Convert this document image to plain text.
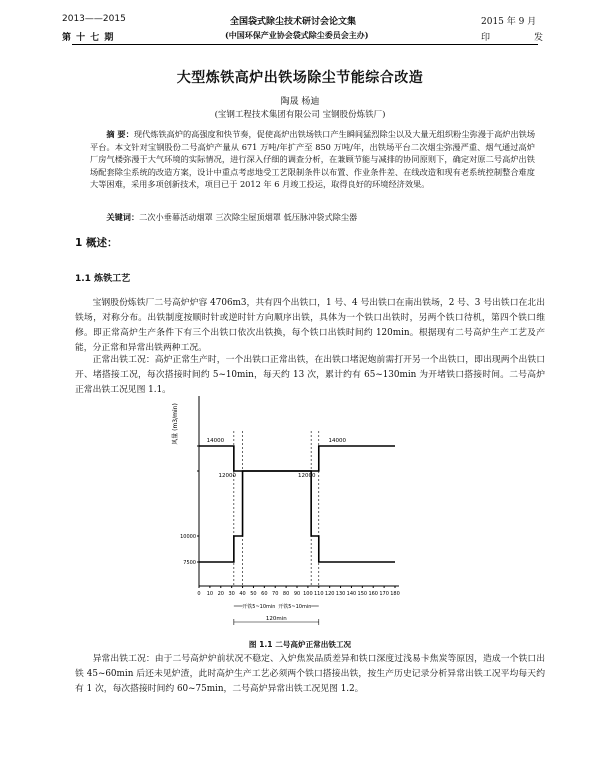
2013——2015	全国袋式除尘技术研讨会论文集	2015 年 9 月
第 十 七 期	(中国环保产业协会袋式除尘委员会主办)	印	发
大型炼铁高炉出铁场除尘节能综合改造
陶晟 杨迪
(宝钢工程技术集团有限公司 宝钢股份炼铁厂)
摘 要：现代炼铁高炉的高强度和快节奏，促使高炉出铁场铁口产生瞬间猛烈除尘以及大量无组织粉尘弥漫于高炉出铁场平台。本文针对宝钢股份二号高炉产量从 671 万吨/年扩产至 850 万吨/年，出铁场平台二次烟尘弥漫严重、烟气通过高炉厂房气楼弥漫于大气环境的实际情况，进行深入仔细的调查分析，在兼顾节能与减排的协同原则下，确定对原二号高炉出铁场配套除尘系统的改造方案，设计中重点考虑地受工艺限制条件以布置、作业条件差、在线改造和现有老系统控制整合难度大等困难，采用多项创新技术，项目已于 2012 年 6 月竣工投运，取得良好的环境经济效果。
关键词：二次小垂幕活动烟罩 三次除尘屋顶烟罩 低压脉冲袋式除尘器
1 概述：
1.1 炼铁工艺
宝钢股份炼铁厂二号高炉炉容 4706m3，共有四个出铁口，1 号、4 号出铁口在南出铁场，2 号、3 号出铁口在北出铁场，对称分布。出铁制度按顺时针或逆时针方向顺序出铁，具体为一个铁口出铁时，另两个铁口待机，第四个铁口维修。即正常高炉生产条件下有三个出铁口依次出铁换，每个铁口出铁时间约 120min。根据现有二号高炉生产工艺及产能，分正常和异常出铁两种工况。
正常出铁工况：高炉正常生产时，一个出铁口正常出铁，在出铁口堵泥炮前需打开另一个出铁口，即出现两个出铁口开、堵搭接工况，每次搭接时间约 5~10min，每天约 13 次，累计约有 65~130min 为开堵铁口搭接时间。二号高炉正常出铁工况见图 1.1。
风量 (m3/min)
10000
7500
0 10 20 30 40 50 60 70 80 90 100 110 120 130 140 150 160 170 180
14000	14000
12000	12000
开铁5~10min 开铁5~10min
120min
图 1.1 二号高炉正常出铁工况
异常出铁工况：由于二号高炉炉前状况不稳定、入炉焦炭品质差异和铁口深度过浅易卡焦炭等原因，造成一个铁口出铁 45~60min 后还未见炉渣，此时高炉生产工艺必须两个铁口搭接出铁，按生产历史记录分析异常出铁工况平均每天约有 1 次，每次搭接时间约 60~75min，二号高炉异常出铁工况见图 1.2。
